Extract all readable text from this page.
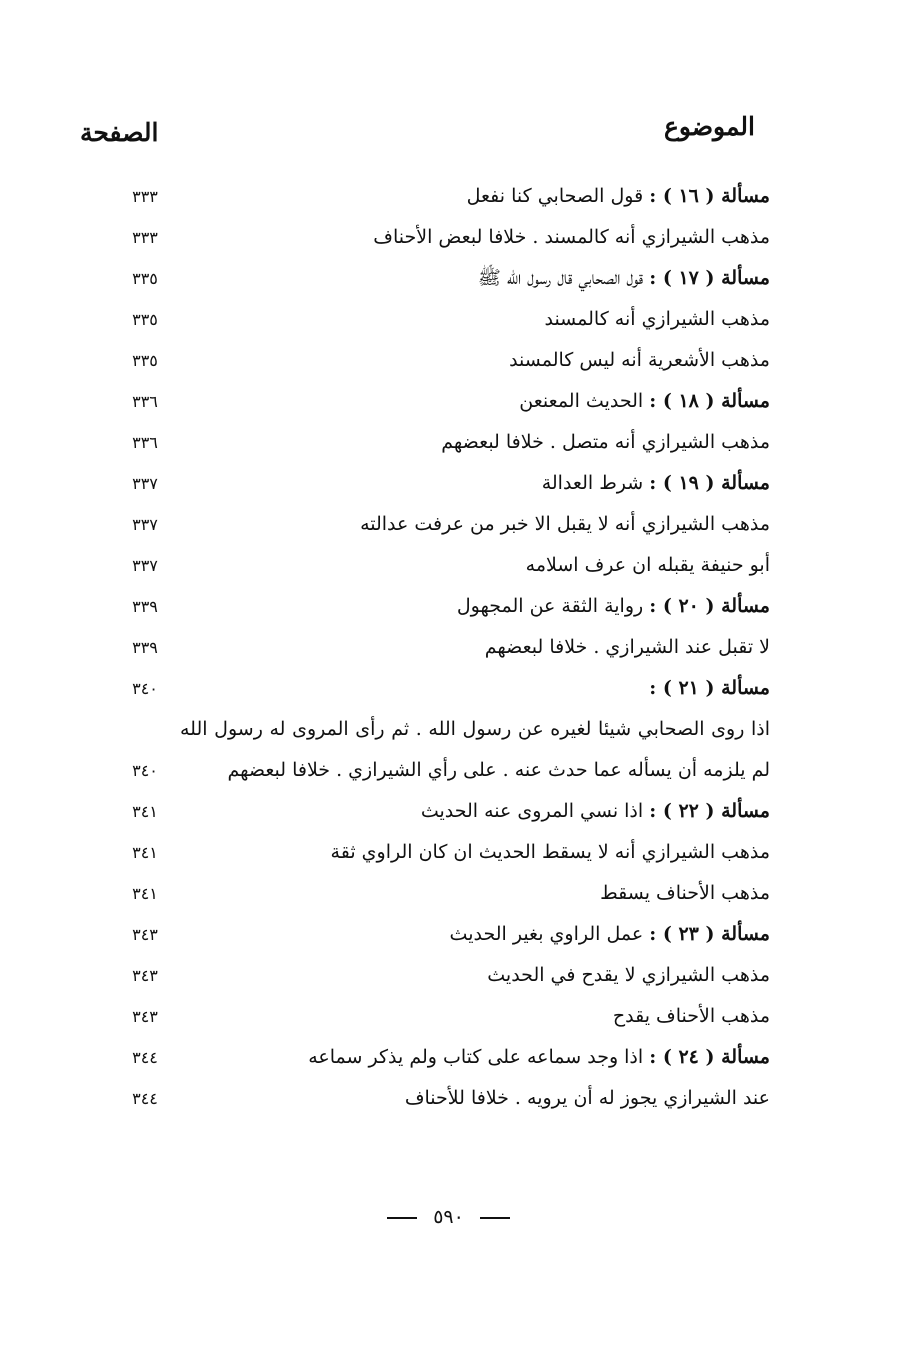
الموضوع
الصفحة
مسألة ( ١٦ ) : قول الصحابي كنا نفعل
٣٣٣
مذهب الشيرازي أنه كالمسند . خلافا لبعض الأحناف
٣٣٣
مسألة ( ١٧ ) : قول الصحابي قال رسول الله ﷺ
٣٣٥
مذهب الشيرازي أنه كالمسند
٣٣٥
مذهب الأشعرية أنه ليس كالمسند
٣٣٥
مسألة ( ١٨ ) : الحديث المعنعن
٣٣٦
مذهب الشيرازي أنه متصل . خلافا لبعضهم
٣٣٦
مسألة ( ١٩ ) : شرط العدالة
٣٣٧
مذهب الشيرازي أنه لا يقبل الا خبر من عرفت عدالته
٣٣٧
أبو حنيفة يقبله ان عرف اسلامه
٣٣٧
مسألة ( ٢٠ ) : رواية الثقة عن المجهول
٣٣٩
لا تقبل عند الشيرازي . خلافا لبعضهم
٣٣٩
مسألة ( ٢١ ) :
٣٤٠
اذا روى الصحابي شيئا لغيره عن رسول الله . ثم رأى المروى له رسول الله لم يلزمه أن يسأله عما حدث عنه . على رأي الشيرازي . خلافا لبعضهم
٣٤٠
مسألة ( ٢٢ ) : اذا نسي المروى عنه الحديث
٣٤١
مذهب الشيرازي أنه لا يسقط الحديث ان كان الراوي ثقة
٣٤١
مذهب الأحناف يسقط
٣٤١
مسألة ( ٢٣ ) : عمل الراوي بغير الحديث
٣٤٣
مذهب الشيرازي لا يقدح في الحديث
٣٤٣
مذهب الأحناف يقدح
٣٤٣
مسألة ( ٢٤ ) : اذا وجد سماعه على كتاب ولم يذكر سماعه
٣٤٤
عند الشيرازي يجوز له أن يرويه . خلافا للأحناف
٣٤٤
٥٩٠
